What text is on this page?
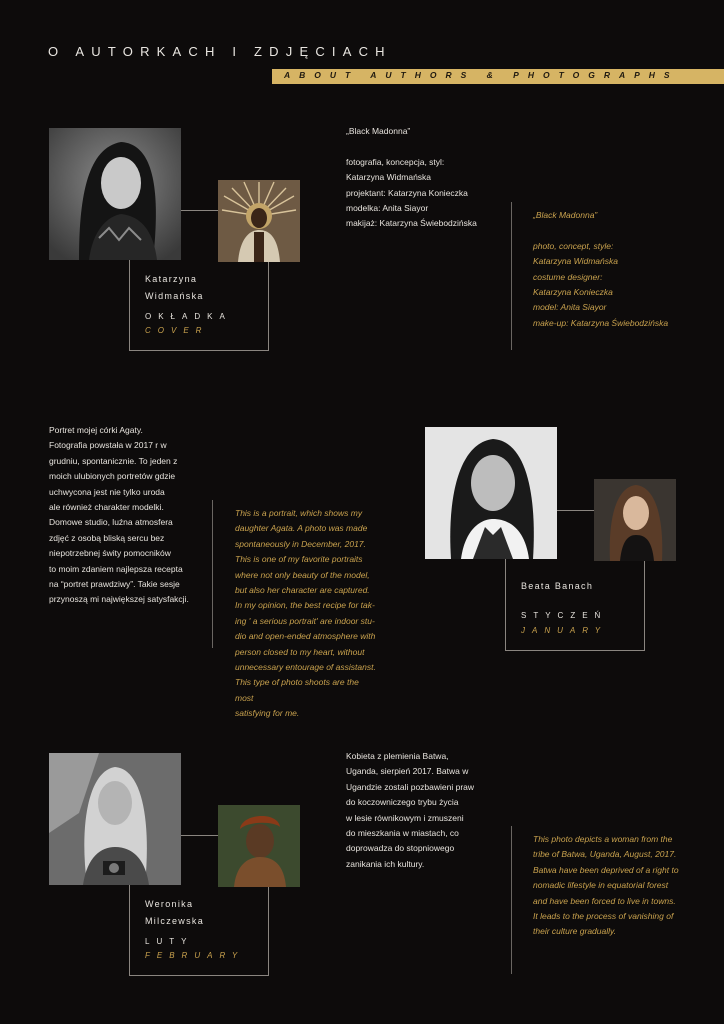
O AUTORKACH I ZDJĘCIACH
ABOUT AUTHORS & PHOTOGRAPHS
Katarzyna
Widmańska
OKŁADKA
COVER
„Black Madonna”

fotografia, koncepcja, styl:
Katarzyna Widmańska
projektant: Katarzyna Konieczka
modelka: Anita Siayor
makijaż: Katarzyna Świebodzińska
„Black Madonna”

photo, concept, style:
Katarzyna Widmańska
costume designer:
Katarzyna Konieczka
model: Anita Siayor
make-up: Katarzyna Świebodzińska
Portret mojej córki Agaty.
Fotografia powstała w 2017 r w
grudniu, spontanicznie. To jeden z
moich ulubionych portretów gdzie
uchwycona jest nie tylko uroda
ale również charakter modelki.
Domowe studio, luźna atmosfera
zdjęć z osobą bliską sercu bez
niepotrzebnej świty pomocników
to moim zdaniem najlepsza recepta
na “portret prawdziwy”. Takie sesje
przynoszą mi największej satysfakcji.
This is a portrait, which shows my
daughter Agata. A photo was made
spontaneously in December, 2017.
This is one of my favorite portraits
where not only beauty of the model,
but also her character are captured.
In my opinion, the best recipe for tak-
ing ' a serious portrait' are indoor stu-
dio and open-ended atmosphere with
person closed to my heart, without
unnecessary entourage of assistanst.
This type of photo shoots are the most
satisfying for me.
Beata Banach
STYCZEŃ
JANUARY
Weronika
Milczewska
LUTY
FEBRUARY
Kobieta z plemienia Batwa,
Uganda, sierpień 2017. Batwa w
Ugandzie zostali pozbawieni praw
do koczowniczego trybu życia
w lesie równikowym i zmuszeni
do mieszkania w miastach, co
doprowadza do stopniowego
zanikania ich kultury.
This photo depicts a woman from the
tribe of Batwa, Uganda, August, 2017.
Batwa have been deprived of a right to
nomadic lifestyle in equatorial forest
and have been forced to live in towns.
It leads to the process of vanishing of
their culture gradually.
